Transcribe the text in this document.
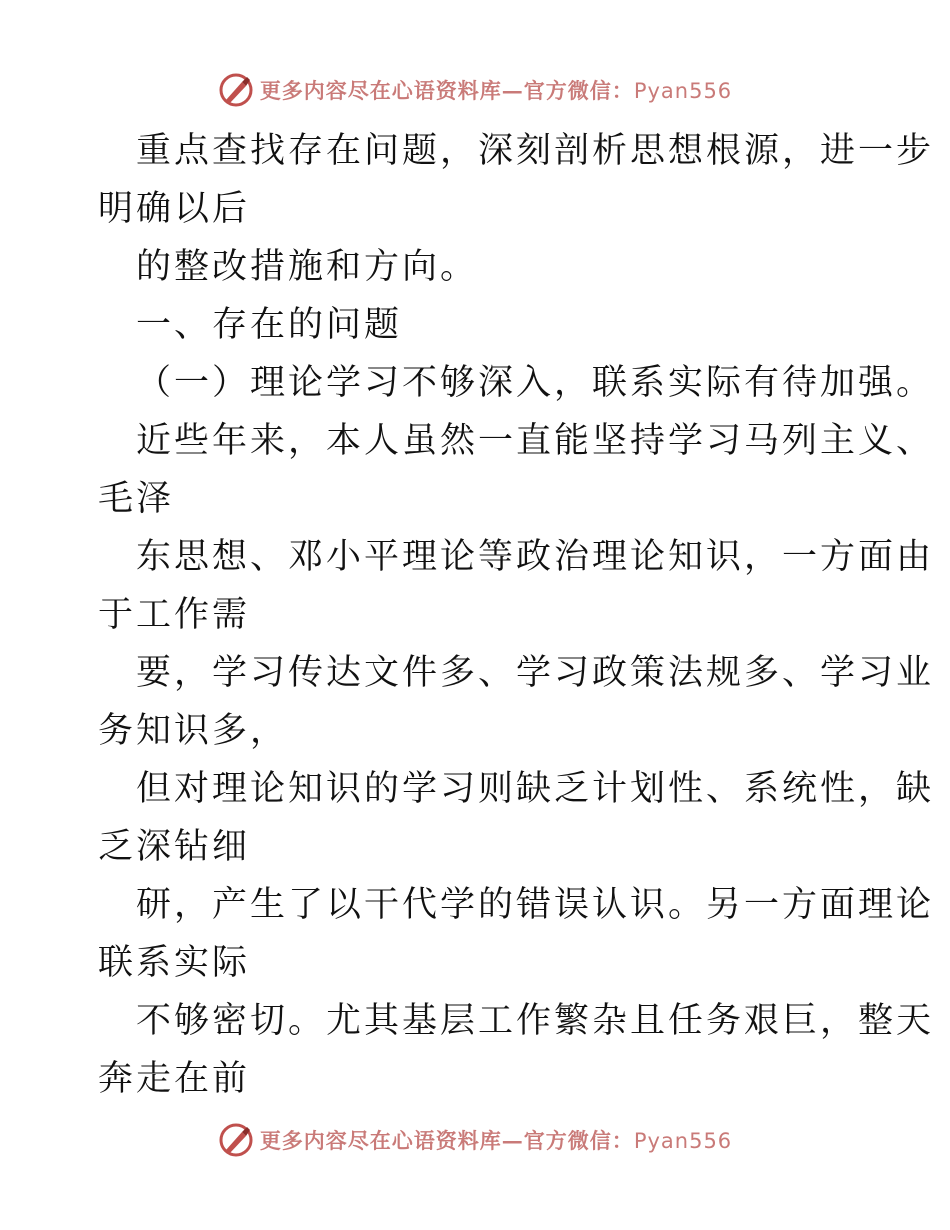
更多内容尽在心语资料库—官方微信：Pyan556
重点查找存在问题，深刻剖析思想根源，进一步
明确以后
的整改措施和方向。
一、存在的问题
（一）理论学习不够深入，联系实际有待加强。
近些年来，本人虽然一直能坚持学习马列主义、
毛泽
东思想、邓小平理论等政治理论知识，一方面由
于工作需
要，学习传达文件多、学习政策法规多、学习业
务知识多，
但对理论知识的学习则缺乏计划性、系统性，缺
乏深钻细
研，产生了以干代学的错误认识。另一方面理论
联系实际
不够密切。尤其基层工作繁杂且任务艰巨，整天
奔走在前
更多内容尽在心语资料库—官方微信：Pyan556
